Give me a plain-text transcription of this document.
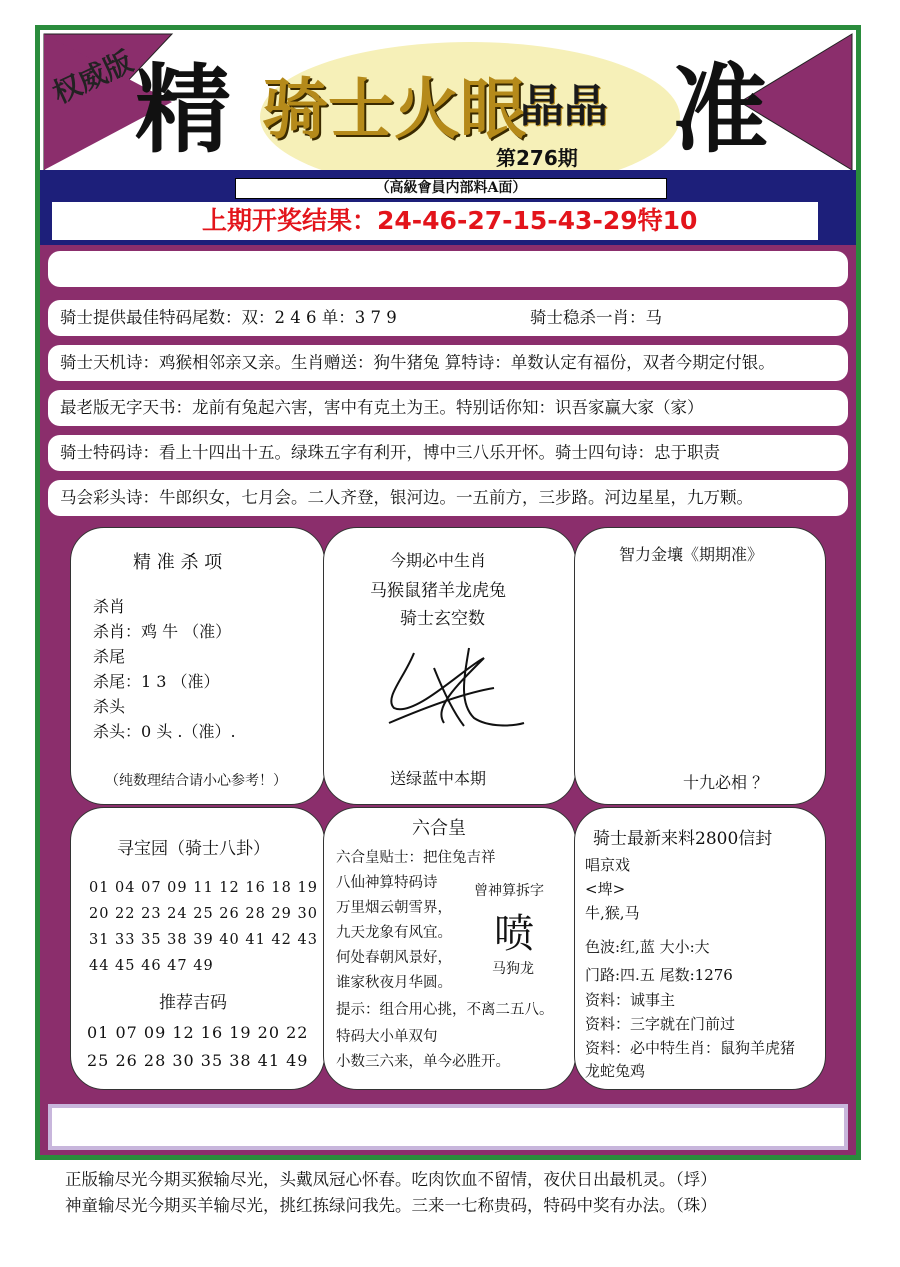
权威版
精 骑士火眼
晶晶 准
第276期
（高級會員内部料A面）
上期开奖结果：24-46-27-15-43-29特10
骑士提供最佳特码尾数：双：2 4 6 单：3 7 9	骑士稳杀一肖：马
骑士天机诗：鸡猴相邻亲又亲。生肖赠送：狗牛猪兔 算特诗：单数认定有福份，双者今期定付银。
最老版无字天书：龙前有兔起六害，害中有克土为王。特别话你知：识吾家赢大家（家）
骑士特码诗：看上十四出十五。绿珠五字有利开，博中三八乐开怀。骑士四句诗：忠于职责
马会彩头诗：牛郎织女，七月会。二人齐登，银河边。一五前方，三步路。河边星星，九万颗。
精 准 杀 项
杀肖
杀肖：鸡 牛 （准）
杀尾
杀尾：1 3 （准）
杀头
杀头：0 头 .（准）.
（纯数理结合请小心参考！）
今期必中生肖
马猴鼠猪羊龙虎兔
骑士玄空数
送绿蓝中本期
智力金壤《期期准》
十九必相 ？
寻宝园（骑士八卦）
01 04 07 09 11 12 16 18 19
20 22 23 24 25 26 28 29 30
31 33 35 38 39 40 41 42 43
44 45 46 47 49
推荐吉码
01 07 09 12 16 19 20 22
25 26 28 30 35 38 41 49
六合皇
六合皇贴士：把住兔吉祥
八仙神算特码诗
万里烟云朝雪界，
九天龙象有风宜。
何处春朝风景好，
谁家秋夜月华圆。
提示：组合用心挑，不离二五八。
特码大小单双句
小数三六来，单今必胜开。
曾神算拆字
喷
马狗龙
骑士最新来料2800信封
唱京戏
<埤>
牛,猴,马
色波:红,蓝 大小:大
门路:四.五 尾数:1276
资料：诚事主
资料：三字就在门前过
资料：必中特生肖：鼠狗羊虎猪
龙蛇兔鸡
正版输尽光今期买猴输尽光，头戴凤冠心怀春。吃肉饮血不留情，夜伏日出最机灵。（垺）
神童输尽光今期买羊输尽光，挑红拣绿问我先。三来一七称贵码，特码中奖有办法。（珠）
